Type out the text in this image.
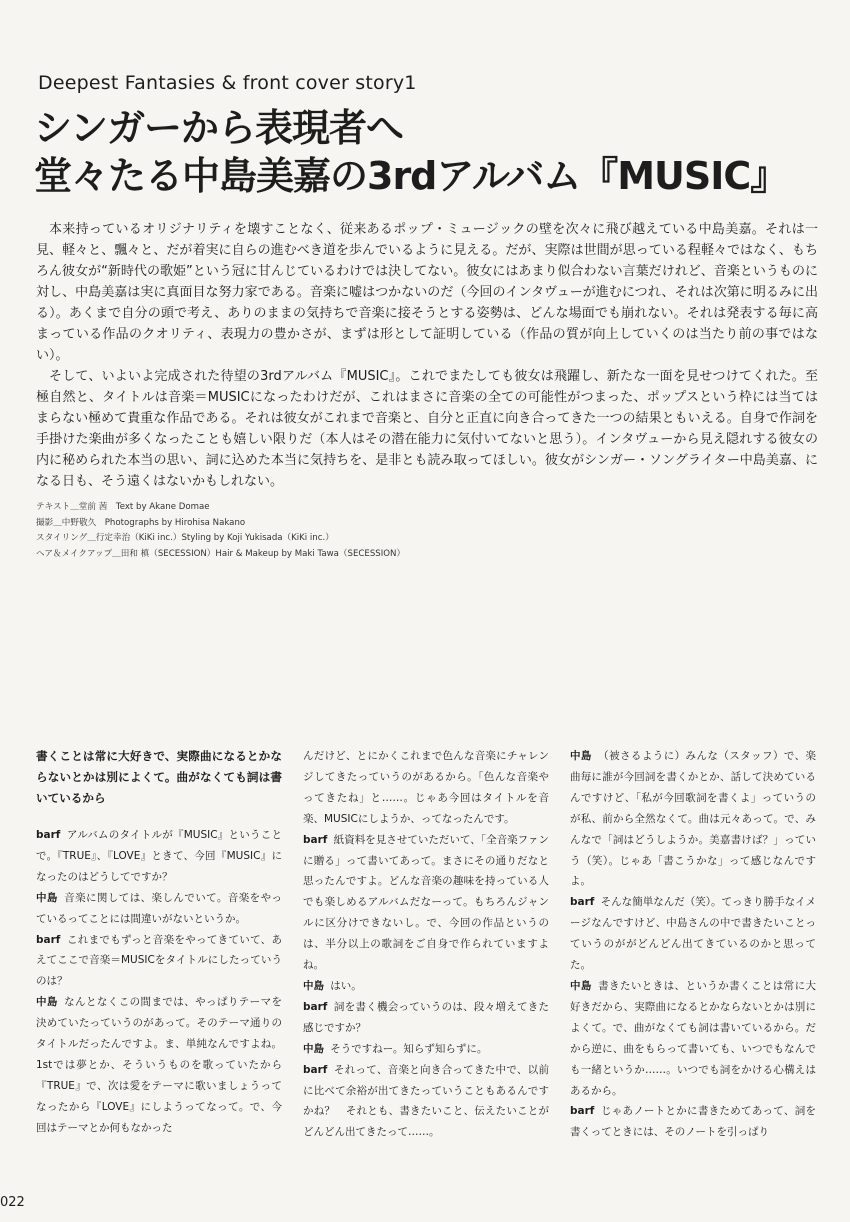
Deepest Fantasies & front cover story1
シンガーから表現者へ
堂々たる中島美嘉の3rdアルバム『MUSIC』

本来持っているオリジナリティを壊すことなく、従来あるポップ・ミュージックの壁を次々に飛び越えている中島美嘉。それは一見、軽々と、飄々と、だが着実に自らの進むべき道を歩んでいるように見える。だが、実際は世間が思っている程軽々ではなく、もちろん彼女が“新時代の歌姫”という冠に甘んじているわけでは決してない。彼女にはあまり似合わない言葉だけれど、音楽というものに対し、中島美嘉は実に真面目な努力家である。音楽に嘘はつかないのだ（今回のインタヴューが進むにつれ、それは次第に明るみに出る）。あくまで自分の頭で考え、ありのままの気持ちで音楽に接そうとする姿勢は、どんな場面でも崩れない。それは発表する毎に高まっている作品のクオリティ、表現力の豊かさが、まずは形として証明している（作品の質が向上していくのは当たり前の事ではない）。

そして、いよいよ完成された待望の3rdアルバム『MUSIC』。これでまたしても彼女は飛躍し、新たな一面を見せつけてくれた。至極自然と、タイトルは音楽＝MUSICになったわけだが、これはまさに音楽の全ての可能性がつまった、ポップスという枠には当てはまらない極めて貴重な作品である。それは彼女がこれまで音楽と、自分と正直に向き合ってきた一つの結果ともいえる。自身で作詞を手掛けた楽曲が多くなったことも嬉しい限りだ（本人はその潜在能力に気付いてないと思う）。インタヴューから見え隠れする彼女の内に秘められた本当の思い、詞に込めた本当に気持ちを、是非とも読み取ってほしい。彼女がシンガー・ソングライター中島美嘉、になる日も、そう遠くはないかもしれない。

テキスト＿堂前 茜　Text by Akane Domae
撮影＿中野敬久　Photographs by Hirohisa Nakano
スタイリング＿行定幸治（KiKi inc.）Styling by Koji Yukisada（KiKi inc.）
ヘア＆メイクアップ＿田和 槙（SECESSION）Hair & Makeup by Maki Tawa（SECESSION）

書くことは常に大好きで、実際曲になるとかならないとかは別によくて。曲がなくても詞は書いているから

barf アルバムのタイトルが『MUSIC』ということで。『TRUE』、『LOVE』ときて、今回『MUSIC』になったのはどうしてですか？

中島 音楽に関しては、楽しんでいて。音楽をやっているってことには間違いがないというか。

barf これまでもずっと音楽をやってきていて、あえてここで音楽＝MUSICをタイトルにしたっていうのは？

中島 なんとなくこの間までは、やっぱりテーマを決めていたっていうのがあって。そのテーマ通りのタイトルだったんですよ。ま、単純なんですよね。1stでは夢とか、そういうものを歌っていたから『TRUE』で、次は愛をテーマに歌いましょうってなったから『LOVE』にしようってなって。で、今回はテーマとか何もなかった

んだけど、とにかくこれまで色んな音楽にチャレンジしてきたっていうのがあるから。「色んな音楽やってきたね」と……。じゃあ今回はタイトルを音楽、MUSICにしようか、ってなったんです。

barf 紙資料を見させていただいて、「全音楽ファンに贈る」って書いてあって。まさにその通りだなと思ったんですよ。どんな音楽の趣味を持っている人でも楽しめるアルバムだなーって。もちろんジャンルに区分けできないし。で、今回の作品というのは、半分以上の歌詞をご自身で作られていますよね。

中島 はい。

barf 詞を書く機会っていうのは、段々増えてきた感じですか？

中島 そうですねー。知らず知らずに。

barf それって、音楽と向き合ってきた中で、以前に比べて余裕が出てきたっていうこともあるんですかね？　それとも、書きたいこと、伝えたいことがどんどん出てきたって……。

中島 （被さるように）みんな（スタッフ）で、楽曲毎に誰が今回詞を書くかとか、話して決めているんですけど、「私が今回歌詞を書くよ」っていうのが私、前から全然なくて。曲は元々あって。で、みんなで「詞はどうしようか。美嘉書けば？」っていう（笑）。じゃあ「書こうかな」って感じなんですよ。

barf そんな簡単なんだ（笑）。てっきり勝手なイメージなんですけど、中島さんの中で書きたいことっていうのががどんどん出てきているのかと思ってた。

中島 書きたいときは、というか書くことは常に大好きだから、実際曲になるとかならないとかは別によくて。で、曲がなくても詞は書いているから。だから逆に、曲をもらって書いても、いつでもなんでも一緒というか……。いつでも詞をかける心構えはあるから。

barf じゃあノートとかに書きためてあって、詞を書くってときには、そのノートを引っぱり

022
